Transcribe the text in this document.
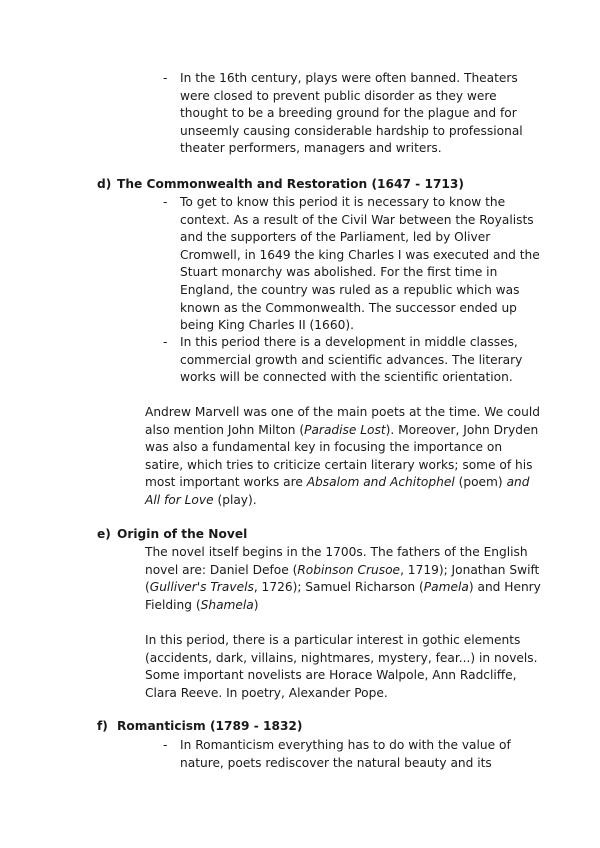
- In the 16th century, plays were often banned. Theaters
were closed to prevent public disorder as they were
thought to be a breeding ground for the plague and for
unseemly causing considerable hardship to professional
theater performers, managers and writers.
d) The Commonwealth and Restoration (1647 - 1713)
- To get to know this period it is necessary to know the
context. As a result of the Civil War between the Royalists
and the supporters of the Parliament, led by Oliver
Cromwell, in 1649 the king Charles I was executed and the
Stuart monarchy was abolished. For the first time in
England, the country was ruled as a republic which was
known as the Commonwealth. The successor ended up
being King Charles II (1660).
- In this period there is a development in middle classes,
commercial growth and scientific advances. The literary
works will be connected with the scientific orientation.
Andrew Marvell was one of the main poets at the time. We could
also mention John Milton (Paradise Lost). Moreover, John Dryden
was also a fundamental key in focusing the importance on
satire, which tries to criticize certain literary works; some of his
most important works are Absalom and Achitophel (poem) and
All for Love (play).
e) Origin of the Novel
The novel itself begins in the 1700s. The fathers of the English
novel are: Daniel Defoe (Robinson Crusoe, 1719); Jonathan Swift
(Gulliver's Travels, 1726); Samuel Richarson (Pamela) and Henry
Fielding (Shamela)
In this period, there is a particular interest in gothic elements
(accidents, dark, villains, nightmares, mystery, fear...) in novels.
Some important novelists are Horace Walpole, Ann Radcliffe,
Clara Reeve. In poetry, Alexander Pope.
f) Romanticism (1789 - 1832)
- In Romanticism everything has to do with the value of
nature, poets rediscover the natural beauty and its
